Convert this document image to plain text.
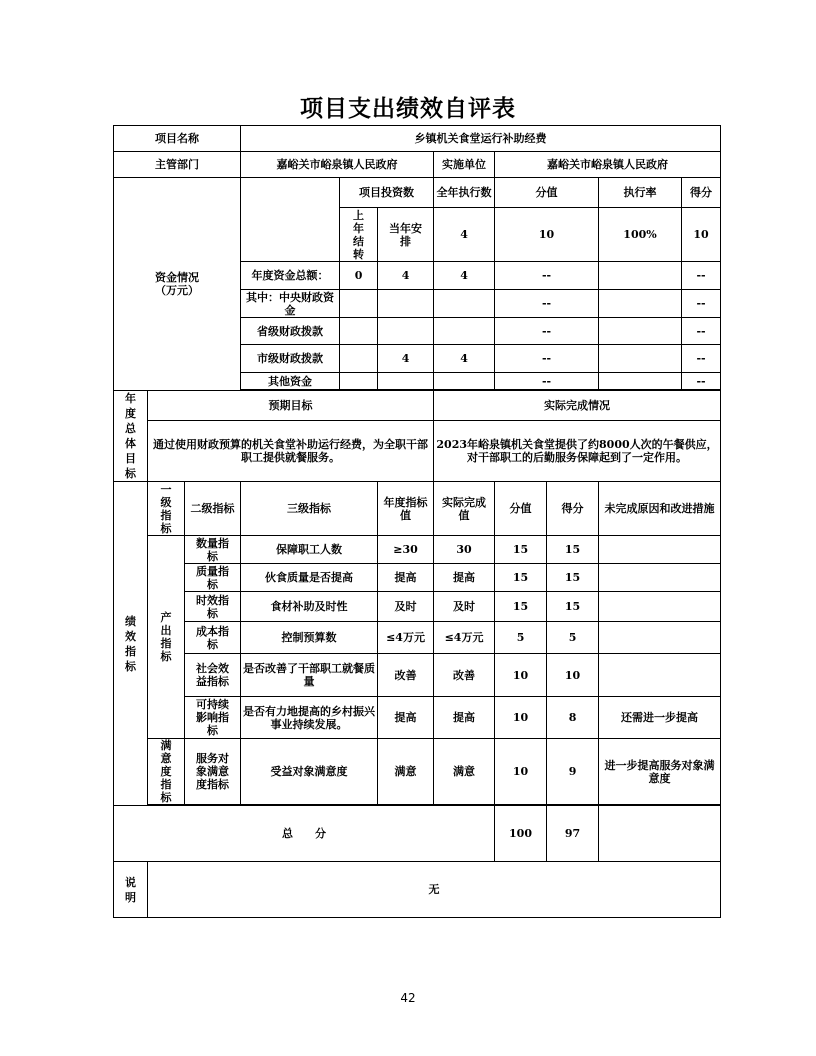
项目支出绩效自评表
项目名称			乡镇机关食堂运行补助经费							
主管部门			嘉峪关市峪泉镇人民政府			实施单位	嘉峪关市峪泉镇人民政府			

资金情况
（万元）				项目投资数		全年执行数	分值		执行率	得分
				上年结转	当年安排	4	10		100%	10
			年度资金总额：	0	4	4	--			--
			其中：中央财政资金				--			--
			省级财政拨款				--			--
			市级财政拨款		4	4	--			--
			其他资金				--			--

年度总体目标	预期目标					实际完成情况				
	通过使用财政预算的机关食堂补助运行经费，为全职干部职工提供就餐服务。					2023年峪泉镇机关食堂提供了约8000人次的午餐供应，对干部职工的后勤服务保障起到了一定作用。				
绩效指标	一级指标	二级指标	三级指标		年度指标值	实际完成值	分值	得分	未完成原因和改进措施	
	产出指标	数量指标	保障职工人数		≥30	30	15	15		
		质量指标	伙食质量是否提高		提高	提高	15	15		
		时效指标	食材补助及时性		及时	及时	15	15		
		成本指标	控制预算数		≤4万元	≤4万元	5	5		
		社会效益指标	是否改善了干部职工就餐质量		改善	改善	10	10		
		可持续影响指标	是否有力地提高的乡村振兴事业持续发展。		提高	提高	10	8	还需进一步提高	
	满意度指标	服务对象满意度指标	受益对象满意度		满意	满意	10	9	进一步提高服务对象满意度	

总　　分							100	97		
说明	无									
42
